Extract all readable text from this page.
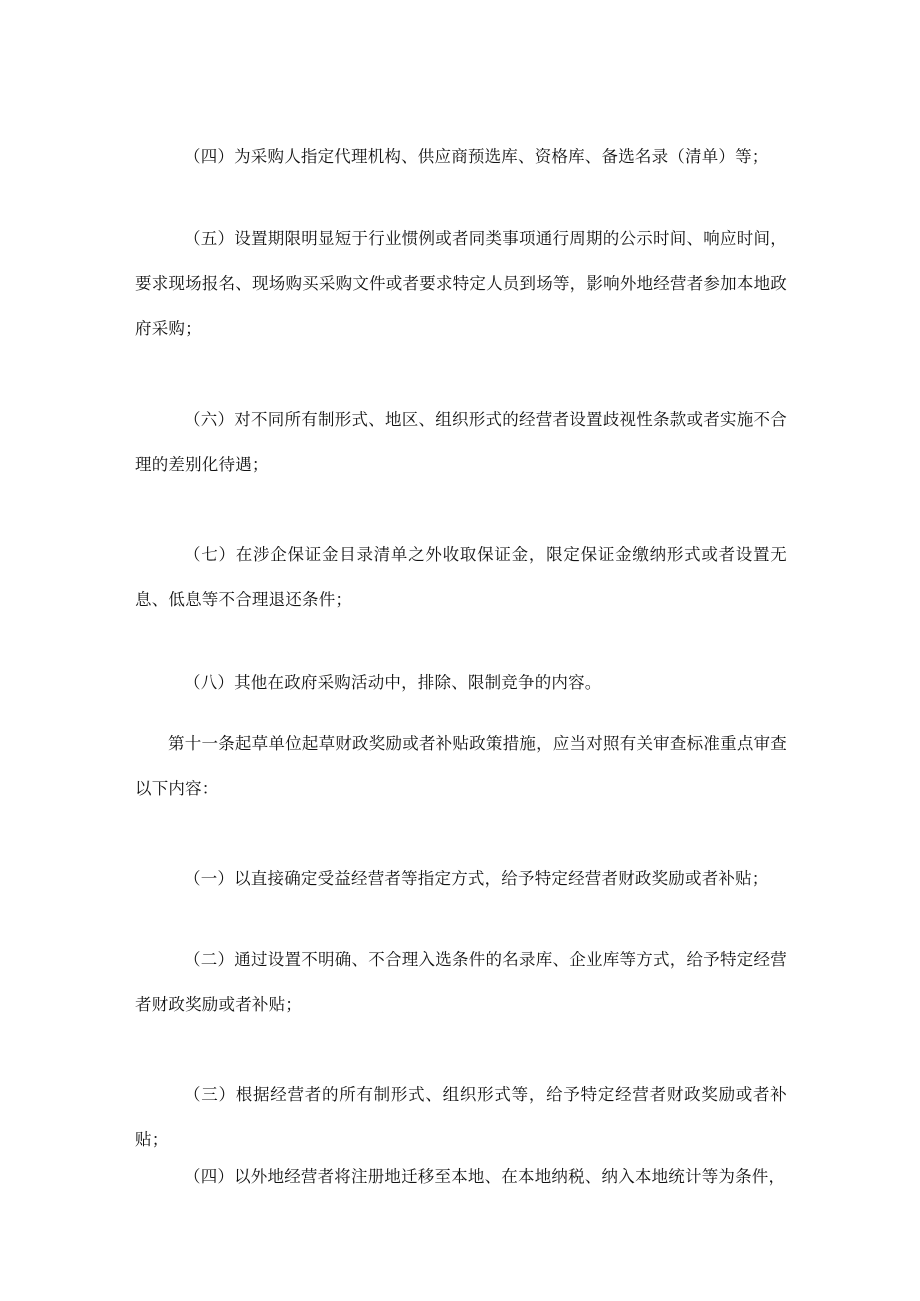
（四）为采购人指定代理机构、供应商预选库、资格库、备选名录（清单）等；

（五）设置期限明显短于行业惯例或者同类事项通行周期的公示时间、响应时间，要求现场报名、现场购买采购文件或者要求特定人员到场等，影响外地经营者参加本地政府采购；

（六）对不同所有制形式、地区、组织形式的经营者设置歧视性条款或者实施不合理的差别化待遇；

（七）在涉企保证金目录清单之外收取保证金，限定保证金缴纳形式或者设置无息、低息等不合理退还条件；

（八）其他在政府采购活动中，排除、限制竞争的内容。

第十一条起草单位起草财政奖励或者补贴政策措施，应当对照有关审查标准重点审查以下内容：

（一）以直接确定受益经营者等指定方式，给予特定经营者财政奖励或者补贴；

（二）通过设置不明确、不合理入选条件的名录库、企业库等方式，给予特定经营者财政奖励或者补贴；

（三）根据经营者的所有制形式、组织形式等，给予特定经营者财政奖励或者补贴；

（四）以外地经营者将注册地迁移至本地、在本地纳税、纳入本地统计等为条件，
